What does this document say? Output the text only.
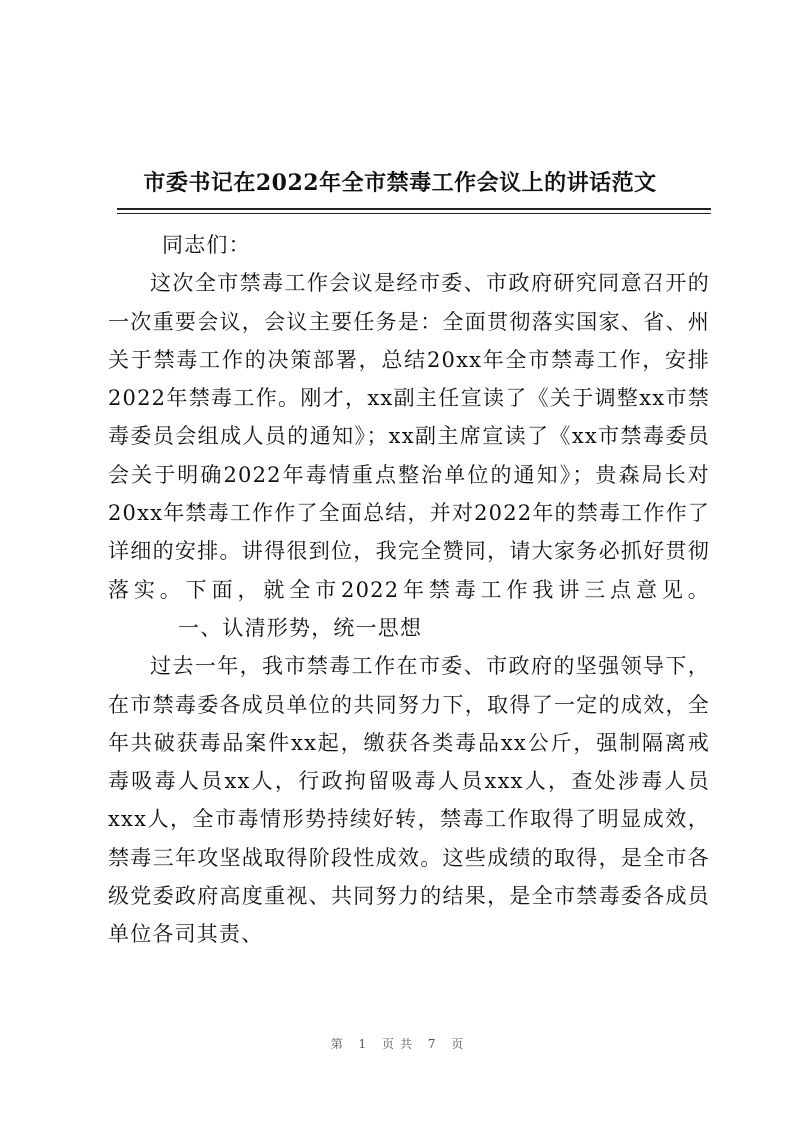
市委书记在2022年全市禁毒工作会议上的讲话范文

同志们：

这次全市禁毒工作会议是经市委、市政府研究同意召开的一次重要会议，会议主要任务是：全面贯彻落实国家、省、州关于禁毒工作的决策部署，总结20xx年全市禁毒工作，安排2022年禁毒工作。刚才，xx副主任宣读了《关于调整xx市禁毒委员会组成人员的通知》；xx副主席宣读了《xx市禁毒委员会关于明确2022年毒情重点整治单位的通知》；贵森局长对20xx年禁毒工作作了全面总结，并对2022年的禁毒工作作了详细的安排。讲得很到位，我完全赞同，请大家务必抓好贯彻落实。下面，就全市2022年禁毒工作我讲三点意见。一、认清形势，统一思想

过去一年，我市禁毒工作在市委、市政府的坚强领导下，在市禁毒委各成员单位的共同努力下，取得了一定的成效，全年共破获毒品案件xx起，缴获各类毒品xx公斤，强制隔离戒毒吸毒人员xx人，行政拘留吸毒人员xxx人，查处涉毒人员xxx人，全市毒情形势持续好转，禁毒工作取得了明显成效，禁毒三年攻坚战取得阶段性成效。这些成绩的取得，是全市各级党委政府高度重视、共同努力的结果，是全市禁毒委各成员单位各司其责、

第 1 页共 7 页
